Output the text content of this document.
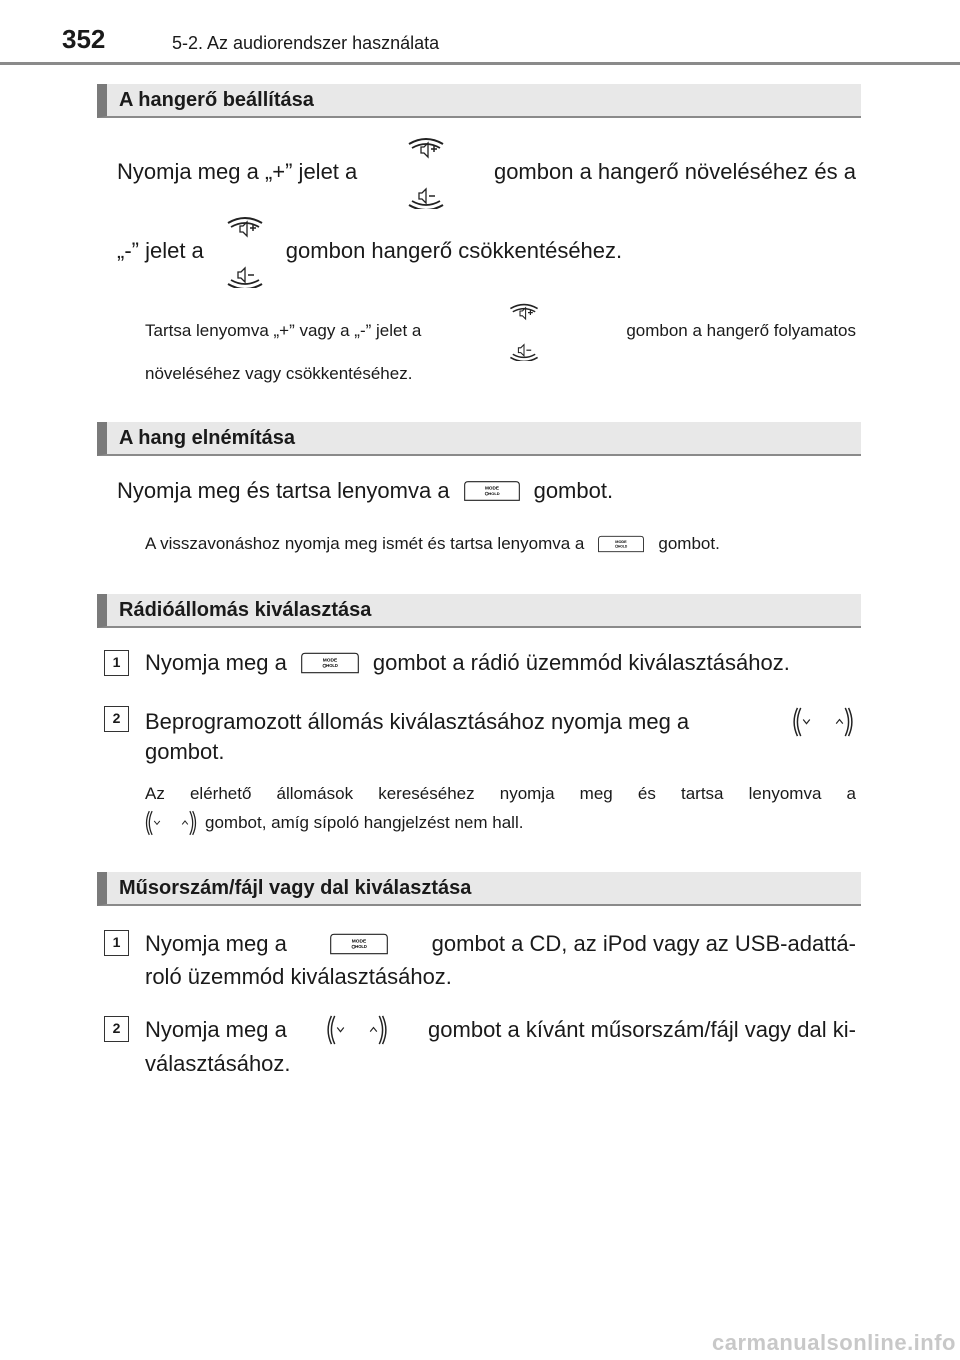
352	5-2. Az audiorendszer használata
A hangerő beállítása
Nyomja meg a „+” jelet a	gombon a hangerő növeléséhez és a
„-” jelet a	gombon hangerő csökkentéséhez.
Tartsa lenyomva „+” vagy a „-” jelet a	gombon a hangerő folyamatos
növeléséhez vagy csökkentéséhez.
A hang elnémítása
Nyomja meg és tartsa lenyomva a	gombot.
A visszavonáshoz nyomja meg ismét és tartsa lenyomva a	gombot.
Rádióállomás kiválasztása
1	Nyomja meg a	gombot a rádió üzemmód kiválasztásához.
2	Beprogramozott állomás kiválasztásához nyomja meg a
gombot.
Az elérhető állomások kereséséhez nyomja meg és tartsa lenyomva a
gombot, amíg sípoló hangjelzést nem hall.
Műsorszám/fájl vagy dal kiválasztása
1	Nyomja meg a	gombot a CD, az iPod vagy az USB-adattá-
roló üzemmód kiválasztásához.
2	Nyomja meg a	gombot a kívánt műsorszám/fájl vagy dal ki-
választásához.
carmanualsonline.info
